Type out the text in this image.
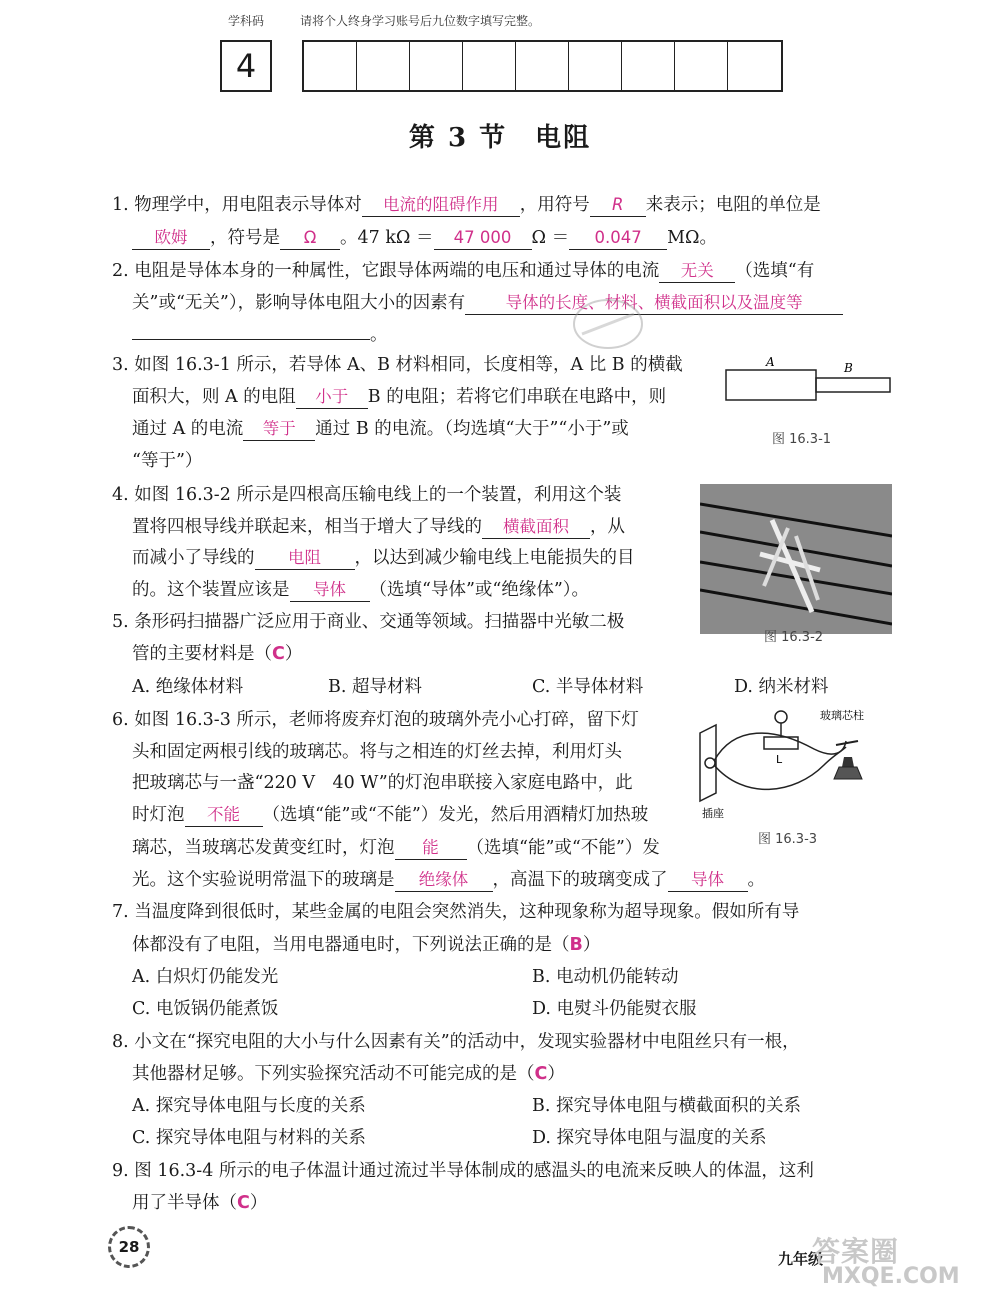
学科码	请将个人终身学习账号后九位数字填写完整。
4
第 3 节　电阻
1. 物理学中，用电阻表示导体对 电流的阻碍作用 ，用符号 R 来表示；电阻的单位是
欧姆 ，符号是 Ω 。47 kΩ ＝ 47 000 Ω ＝ 0.047 MΩ。
2. 电阻是导体本身的一种属性，它跟导体两端的电压和通过导体的电流 无关 （选填“有
关”或“无关”），影响导体电阻大小的因素有 导体的长度、材料、横截面积以及温度等
。
3. 如图 16.3-1 所示，若导体 A、B 材料相同，长度相等，A 比 B 的横截
面积大，则 A 的电阻 小于 B 的电阻；若将它们串联在电路中，则
通过 A 的电流 等于 通过 B 的电流。（均选填“大于”“小于”或
“等于”）
A	B
图 16.3-1
4. 如图 16.3-2 所示是四根高压输电线上的一个装置，利用这个装
置将四根导线并联起来，相当于增大了导线的 横截面积 ，从
而减小了导线的 电阻 ，以达到减少输电线上电能损失的目
的。这个装置应该是 导体 （选填“导体”或“绝缘体”）。
图 16.3-2
5. 条形码扫描器广泛应用于商业、交通等领域。扫描器中光敏二极
管的主要材料是（C）
A. 绝缘体材料	B. 超导材料	C. 半导体材料	D. 纳米材料
6. 如图 16.3-3 所示，老师将废弃灯泡的玻璃外壳小心打碎，留下灯
头和固定两根引线的玻璃芯。将与之相连的灯丝去掉，利用灯头
把玻璃芯与一盏“220 V　40 W”的灯泡串联接入家庭电路中，此
时灯泡 不能 （选填“能”或“不能”）发光，然后用酒精灯加热玻
璃芯，当玻璃芯发黄变红时，灯泡 能 （选填“能”或“不能”）发
光。这个实验说明常温下的玻璃是 绝缘体 ，高温下的玻璃变成了 导体 。
L
玻璃芯柱
插座
图 16.3-3
7. 当温度降到很低时，某些金属的电阻会突然消失，这种现象称为超导现象。假如所有导
体都没有了电阻，当用电器通电时，下列说法正确的是（B）
A. 白炽灯仍能发光	B. 电动机仍能转动
C. 电饭锅仍能煮饭	D. 电熨斗仍能熨衣服
8. 小文在“探究电阻的大小与什么因素有关”的活动中，发现实验器材中电阻丝只有一根，
其他器材足够。下列实验探究活动不可能完成的是（C）
A. 探究导体电阻与长度的关系	B. 探究导体电阻与横截面积的关系
C. 探究导体电阻与材料的关系	D. 探究导体电阻与温度的关系
9. 图 16.3-4 所示的电子体温计通过流过半导体制成的感温头的电流来反映人的体温，这利
用了半导体（C）
28
九年级
答案圈
MXQE.COM
